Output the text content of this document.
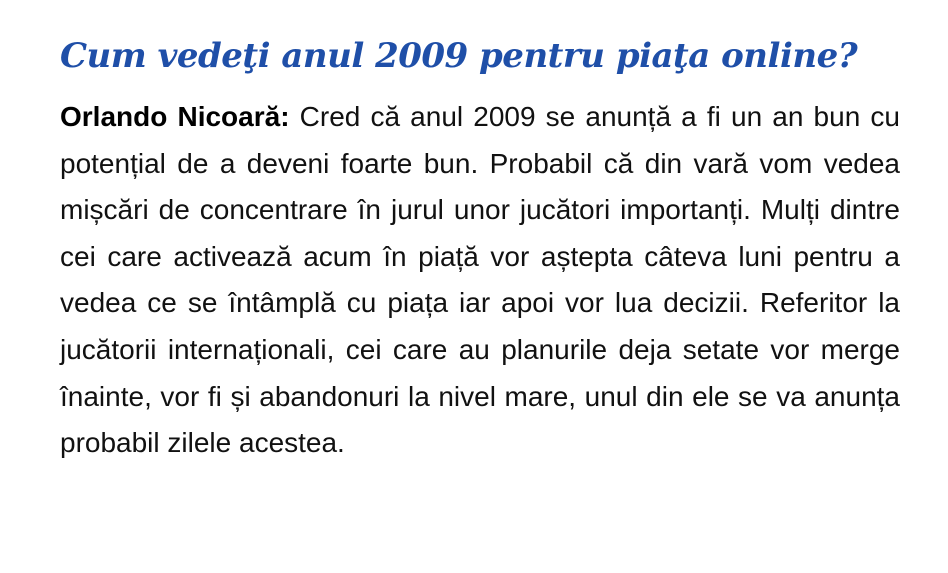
Cum vedeţi anul 2009 pentru piaţa online?

Orlando Nicoară: Cred că anul 2009 se anunță a fi un an bun cu potențial de a deveni foarte bun. Probabil că din vară vom vedea mișcări de concentrare în jurul unor jucători importanți. Mulți dintre cei care activează acum în piață vor aștepta câteva luni pentru a vedea ce se întâmplă cu piața iar apoi vor lua decizii. Referitor la jucătorii internaționali, cei care au planurile deja setate vor merge înainte, vor fi și abandonuri la nivel mare, unul din ele se va anunța probabil zilele acestea.
